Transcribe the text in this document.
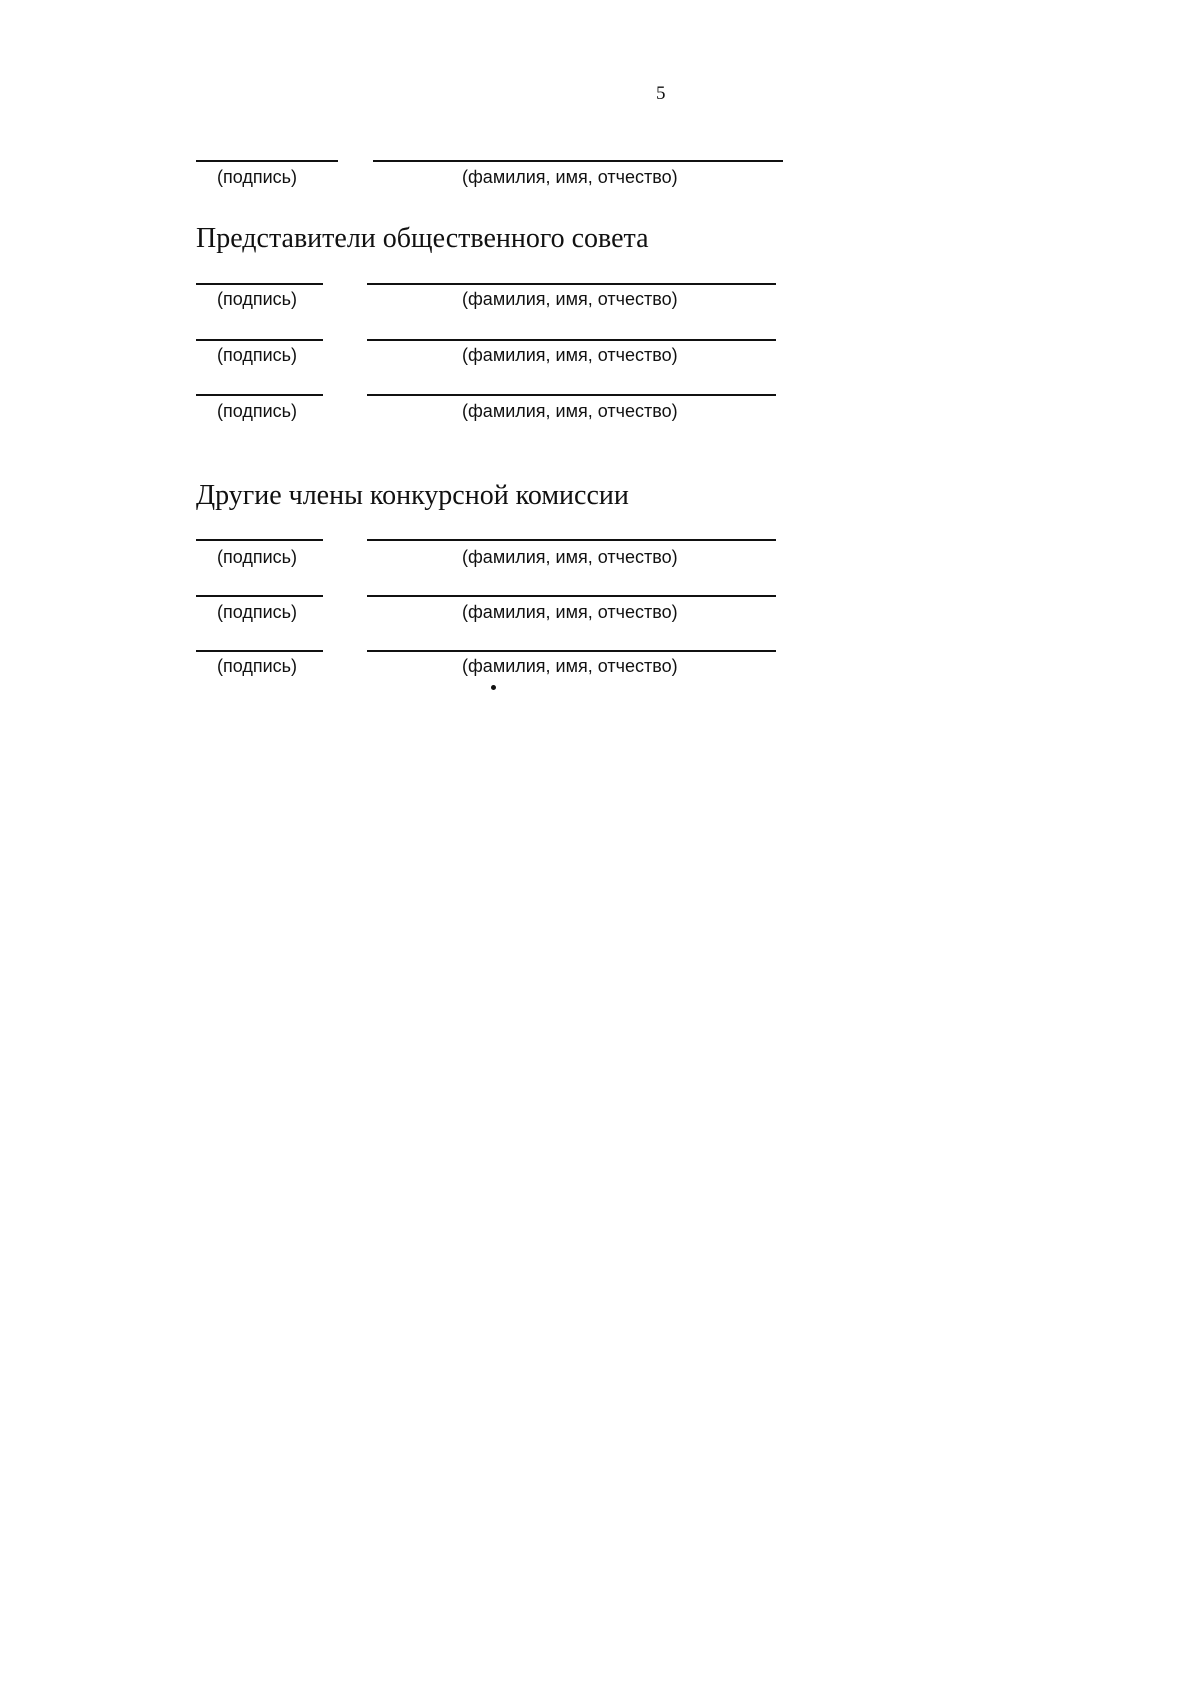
5
(подпись)	(фамилия, имя, отчество)
Представители общественного совета
(подпись)	(фамилия, имя, отчество)
(подпись)	(фамилия, имя, отчество)
(подпись)	(фамилия, имя, отчество)
Другие члены конкурсной комиссии
(подпись)	(фамилия, имя, отчество)
(подпись)	(фамилия, имя, отчество)
(подпись)	(фамилия, имя, отчество)
